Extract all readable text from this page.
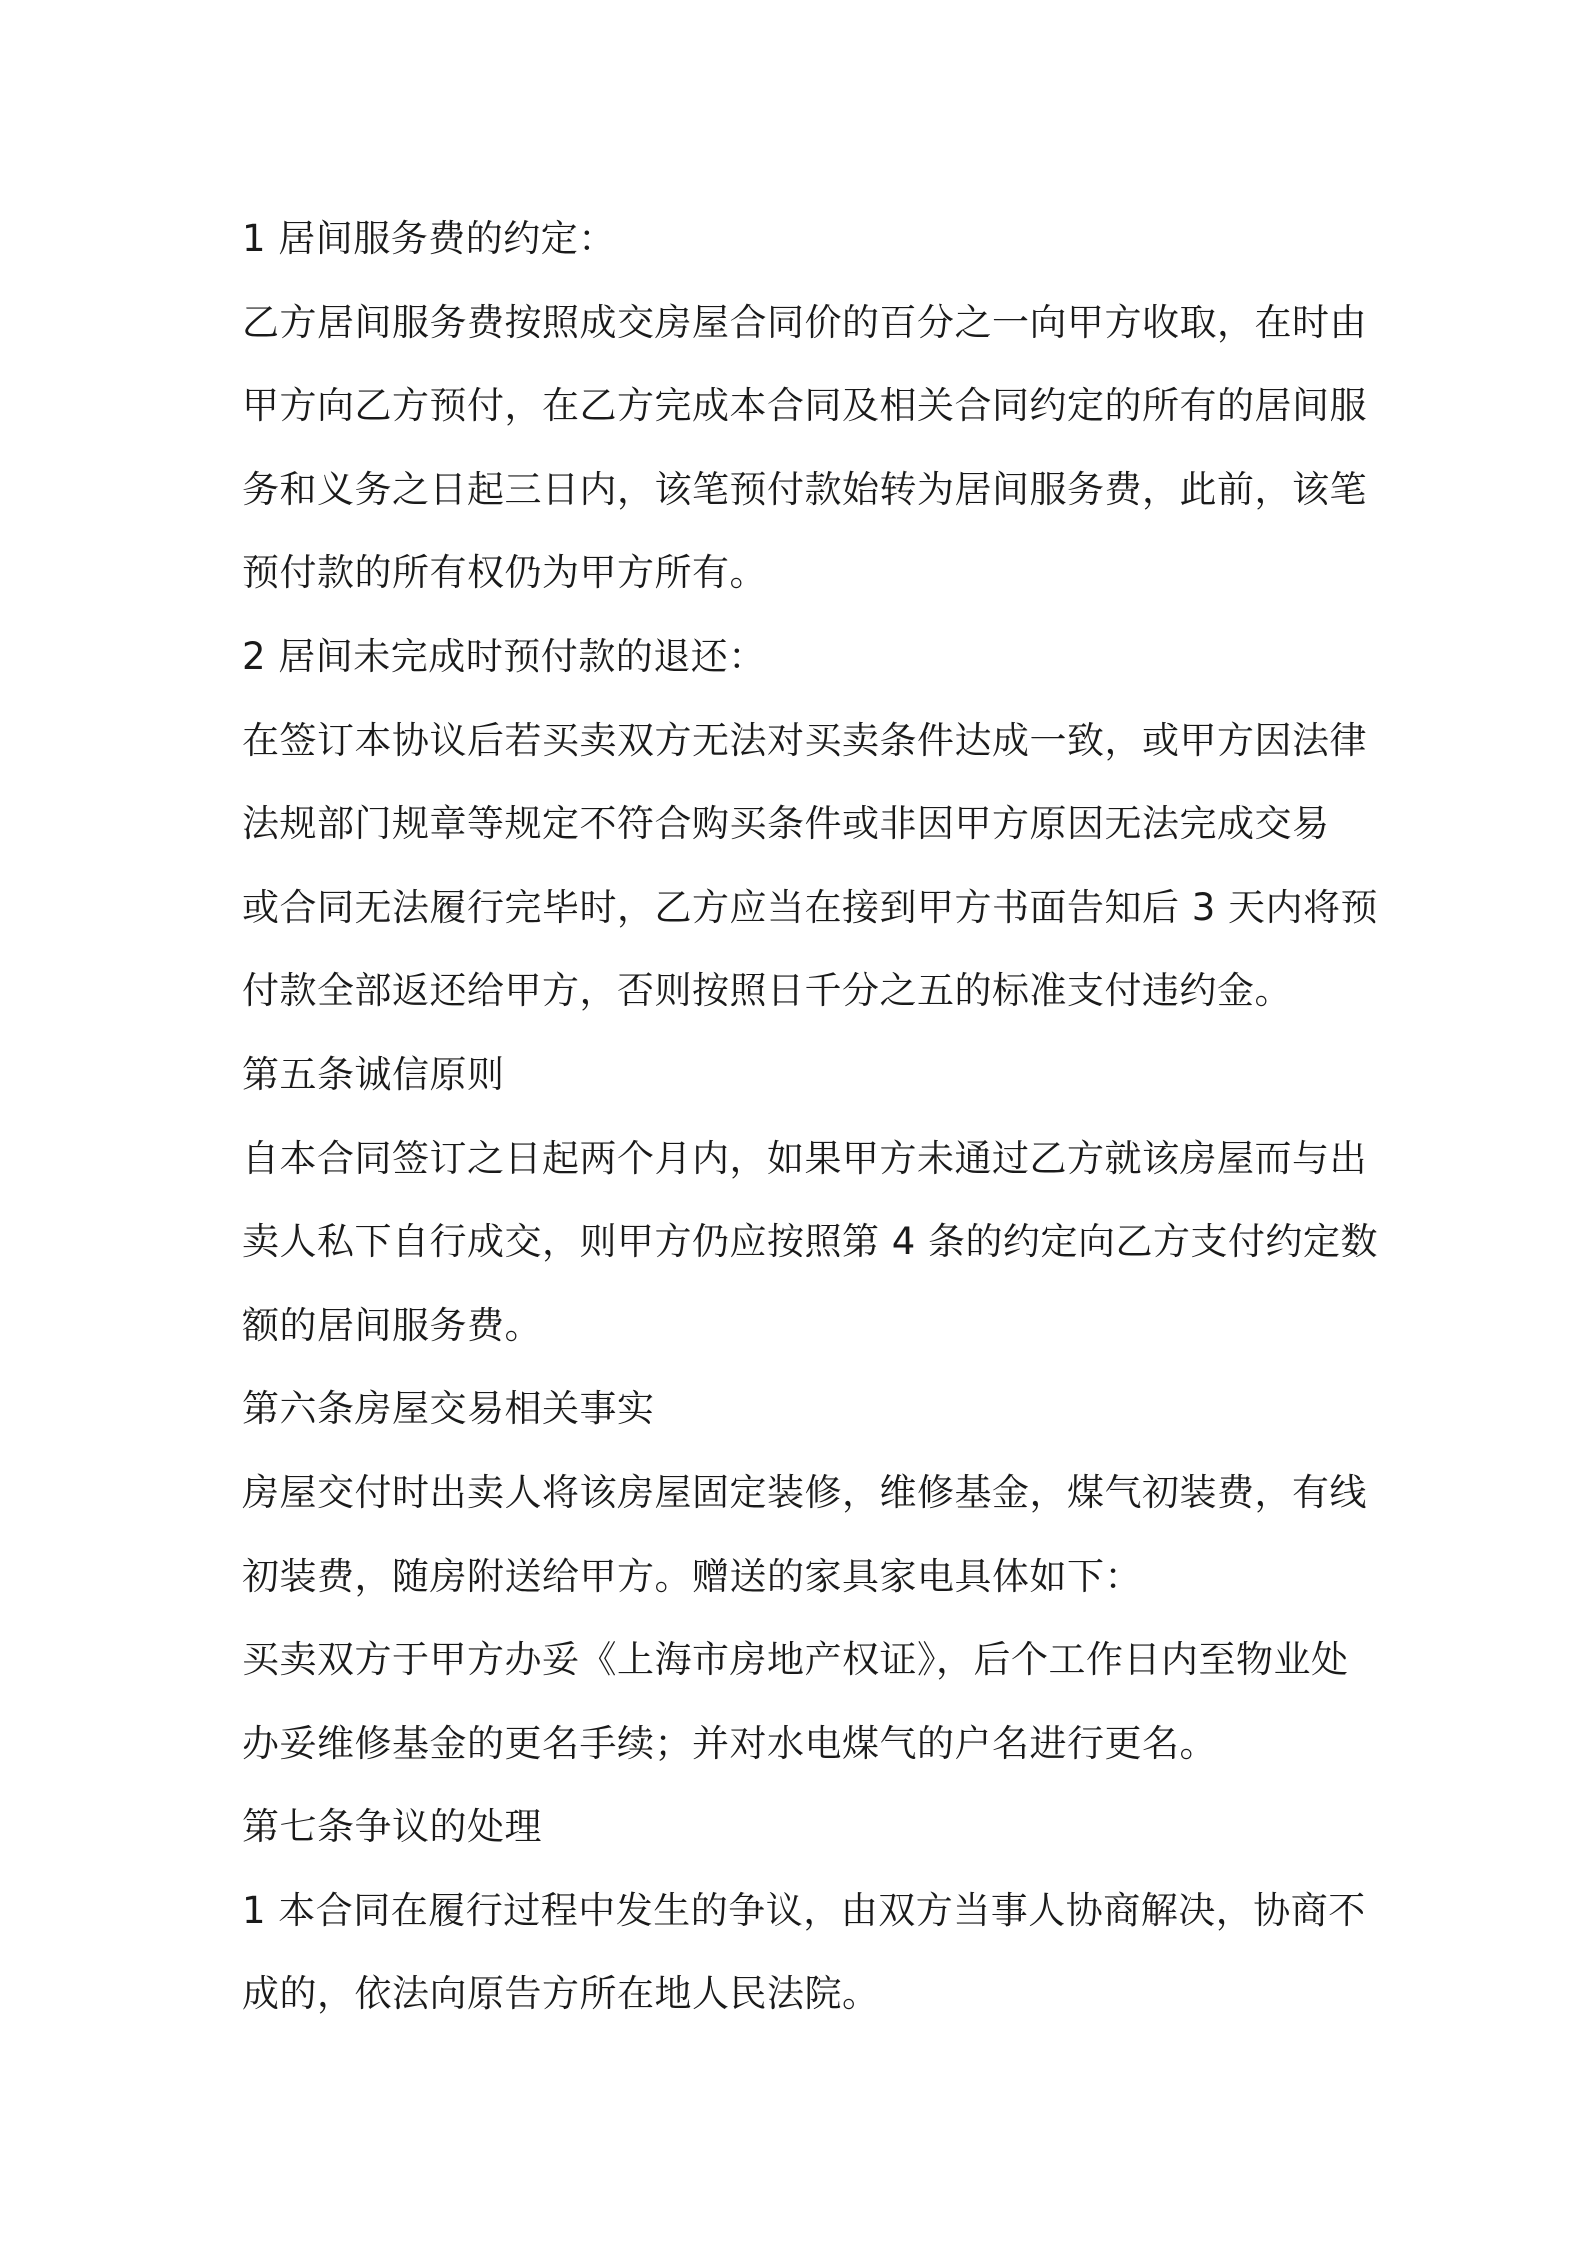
1 居间服务费的约定：
乙方居间服务费按照成交房屋合同价的百分之一向甲方收取，在时由
甲方向乙方预付，在乙方完成本合同及相关合同约定的所有的居间服
务和义务之日起三日内，该笔预付款始转为居间服务费，此前，该笔
预付款的所有权仍为甲方所有。
2 居间未完成时预付款的退还：
在签订本协议后若买卖双方无法对买卖条件达成一致，或甲方因法律
法规部门规章等规定不符合购买条件或非因甲方原因无法完成交易
或合同无法履行完毕时，乙方应当在接到甲方书面告知后 3 天内将预
付款全部返还给甲方，否则按照日千分之五的标准支付违约金。
第五条诚信原则
自本合同签订之日起两个月内，如果甲方未通过乙方就该房屋而与出
卖人私下自行成交，则甲方仍应按照第 4 条的约定向乙方支付约定数
额的居间服务费。
第六条房屋交易相关事实
房屋交付时出卖人将该房屋固定装修，维修基金，煤气初装费，有线
初装费，随房附送给甲方。赠送的家具家电具体如下：
买卖双方于甲方办妥《上海市房地产权证》，后个工作日内至物业处
办妥维修基金的更名手续；并对水电煤气的户名进行更名。
第七条争议的处理
1 本合同在履行过程中发生的争议，由双方当事人协商解决，协商不
成的，依法向原告方所在地人民法院。
